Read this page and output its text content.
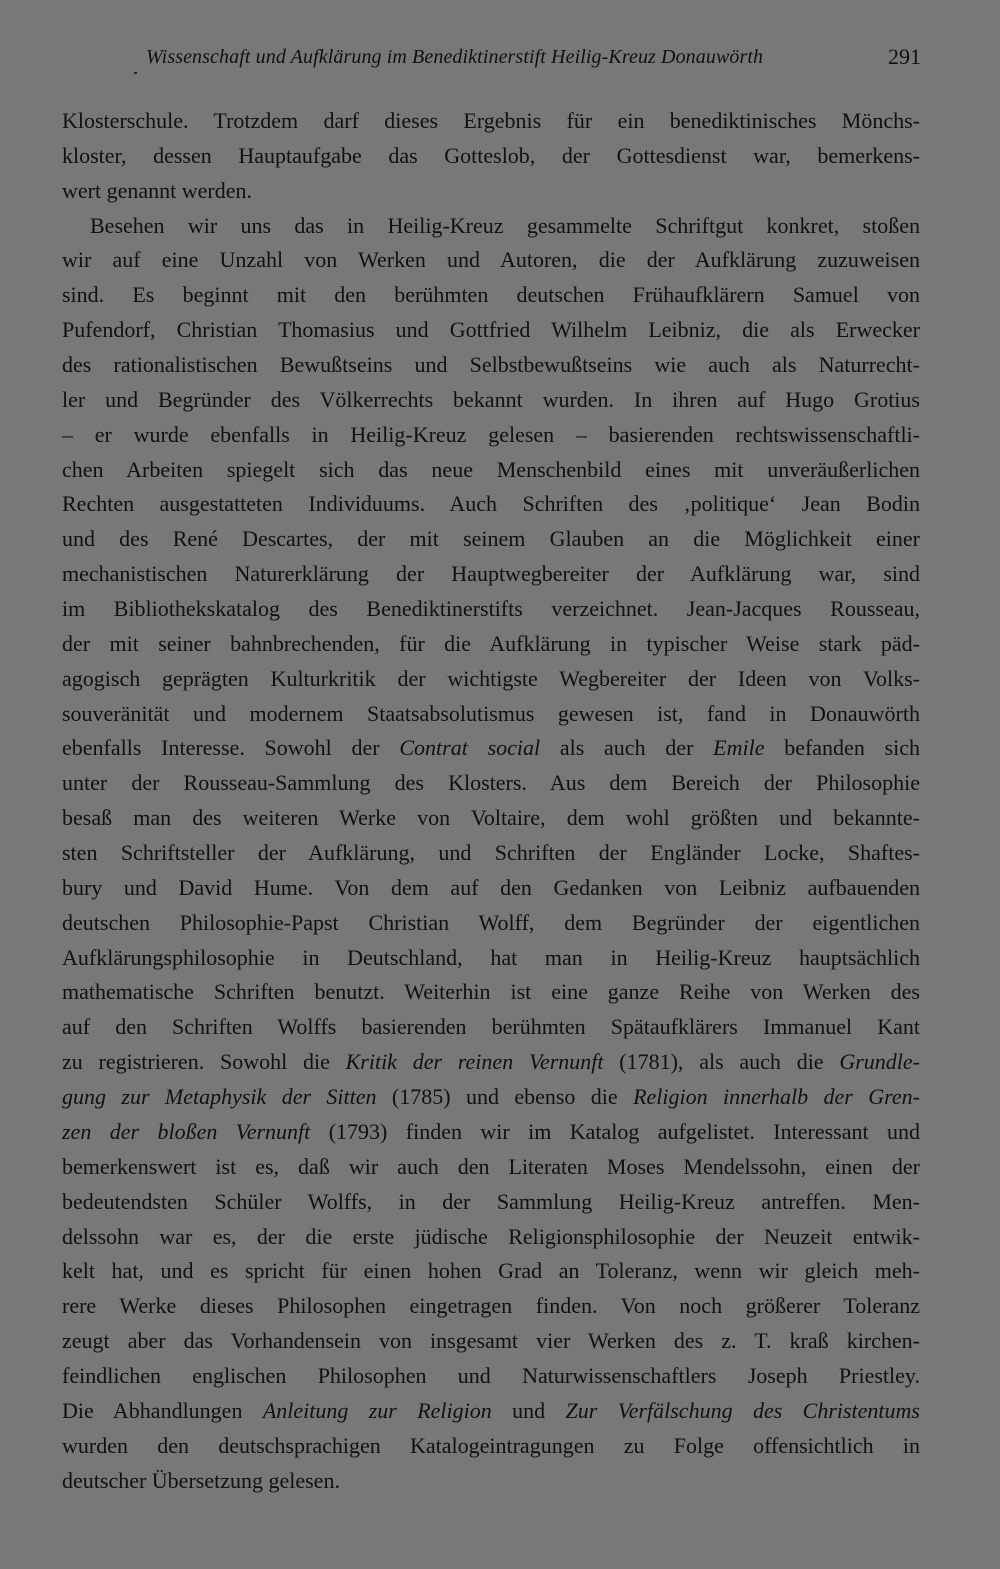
Wissenschaft und Aufklärung im Benediktinerstift Heilig-Kreuz Donauwörth	291
Klosterschule. Trotzdem darf dieses Ergebnis für ein benediktinisches Mönchs-
kloster, dessen Hauptaufgabe das Gotteslob, der Gottesdienst war, bemerkens-
wert genannt werden.
Besehen wir uns das in Heilig-Kreuz gesammelte Schriftgut konkret, stoßen
wir auf eine Unzahl von Werken und Autoren, die der Aufklärung zuzuweisen
sind. Es beginnt mit den berühmten deutschen Frühaufklärern Samuel von
Pufendorf, Christian Thomasius und Gottfried Wilhelm Leibniz, die als Erwecker
des rationalistischen Bewußtseins und Selbstbewußtseins wie auch als Naturrecht-
ler und Begründer des Völkerrechts bekannt wurden. In ihren auf Hugo Grotius
– er wurde ebenfalls in Heilig-Kreuz gelesen – basierenden rechtswissenschaftli-
chen Arbeiten spiegelt sich das neue Menschenbild eines mit unveräußerlichen
Rechten ausgestatteten Individuums. Auch Schriften des ‚politique‘ Jean Bodin
und des René Descartes, der mit seinem Glauben an die Möglichkeit einer
mechanistischen Naturerklärung der Hauptwegbereiter der Aufklärung war, sind
im Bibliothekskatalog des Benediktinerstifts verzeichnet. Jean-Jacques Rousseau,
der mit seiner bahnbrechenden, für die Aufklärung in typischer Weise stark päd-
agogisch geprägten Kulturkritik der wichtigste Wegbereiter der Ideen von Volks-
souveränität und modernem Staatsabsolutismus gewesen ist, fand in Donauwörth
ebenfalls Interesse. Sowohl der Contrat social als auch der Emile befanden sich
unter der Rousseau-Sammlung des Klosters. Aus dem Bereich der Philosophie
besaß man des weiteren Werke von Voltaire, dem wohl größten und bekannte-
sten Schriftsteller der Aufklärung, und Schriften der Engländer Locke, Shaftes-
bury und David Hume. Von dem auf den Gedanken von Leibniz aufbauenden
deutschen Philosophie-Papst Christian Wolff, dem Begründer der eigentlichen
Aufklärungsphilosophie in Deutschland, hat man in Heilig-Kreuz hauptsächlich
mathematische Schriften benutzt. Weiterhin ist eine ganze Reihe von Werken des
auf den Schriften Wolffs basierenden berühmten Spätaufklärers Immanuel Kant
zu registrieren. Sowohl die Kritik der reinen Vernunft (1781), als auch die Grundle-
gung zur Metaphysik der Sitten (1785) und ebenso die Religion innerhalb der Gren-
zen der bloßen Vernunft (1793) finden wir im Katalog aufgelistet. Interessant und
bemerkenswert ist es, daß wir auch den Literaten Moses Mendelssohn, einen der
bedeutendsten Schüler Wolffs, in der Sammlung Heilig-Kreuz antreffen. Men-
delssohn war es, der die erste jüdische Religionsphilosophie der Neuzeit entwik-
kelt hat, und es spricht für einen hohen Grad an Toleranz, wenn wir gleich meh-
rere Werke dieses Philosophen eingetragen finden. Von noch größerer Toleranz
zeugt aber das Vorhandensein von insgesamt vier Werken des z. T. kraß kirchen-
feindlichen englischen Philosophen und Naturwissenschaftlers Joseph Priestley.
Die Abhandlungen Anleitung zur Religion und Zur Verfälschung des Christentums
wurden den deutschsprachigen Katalogeintragungen zu Folge offensichtlich in
deutscher Übersetzung gelesen.
